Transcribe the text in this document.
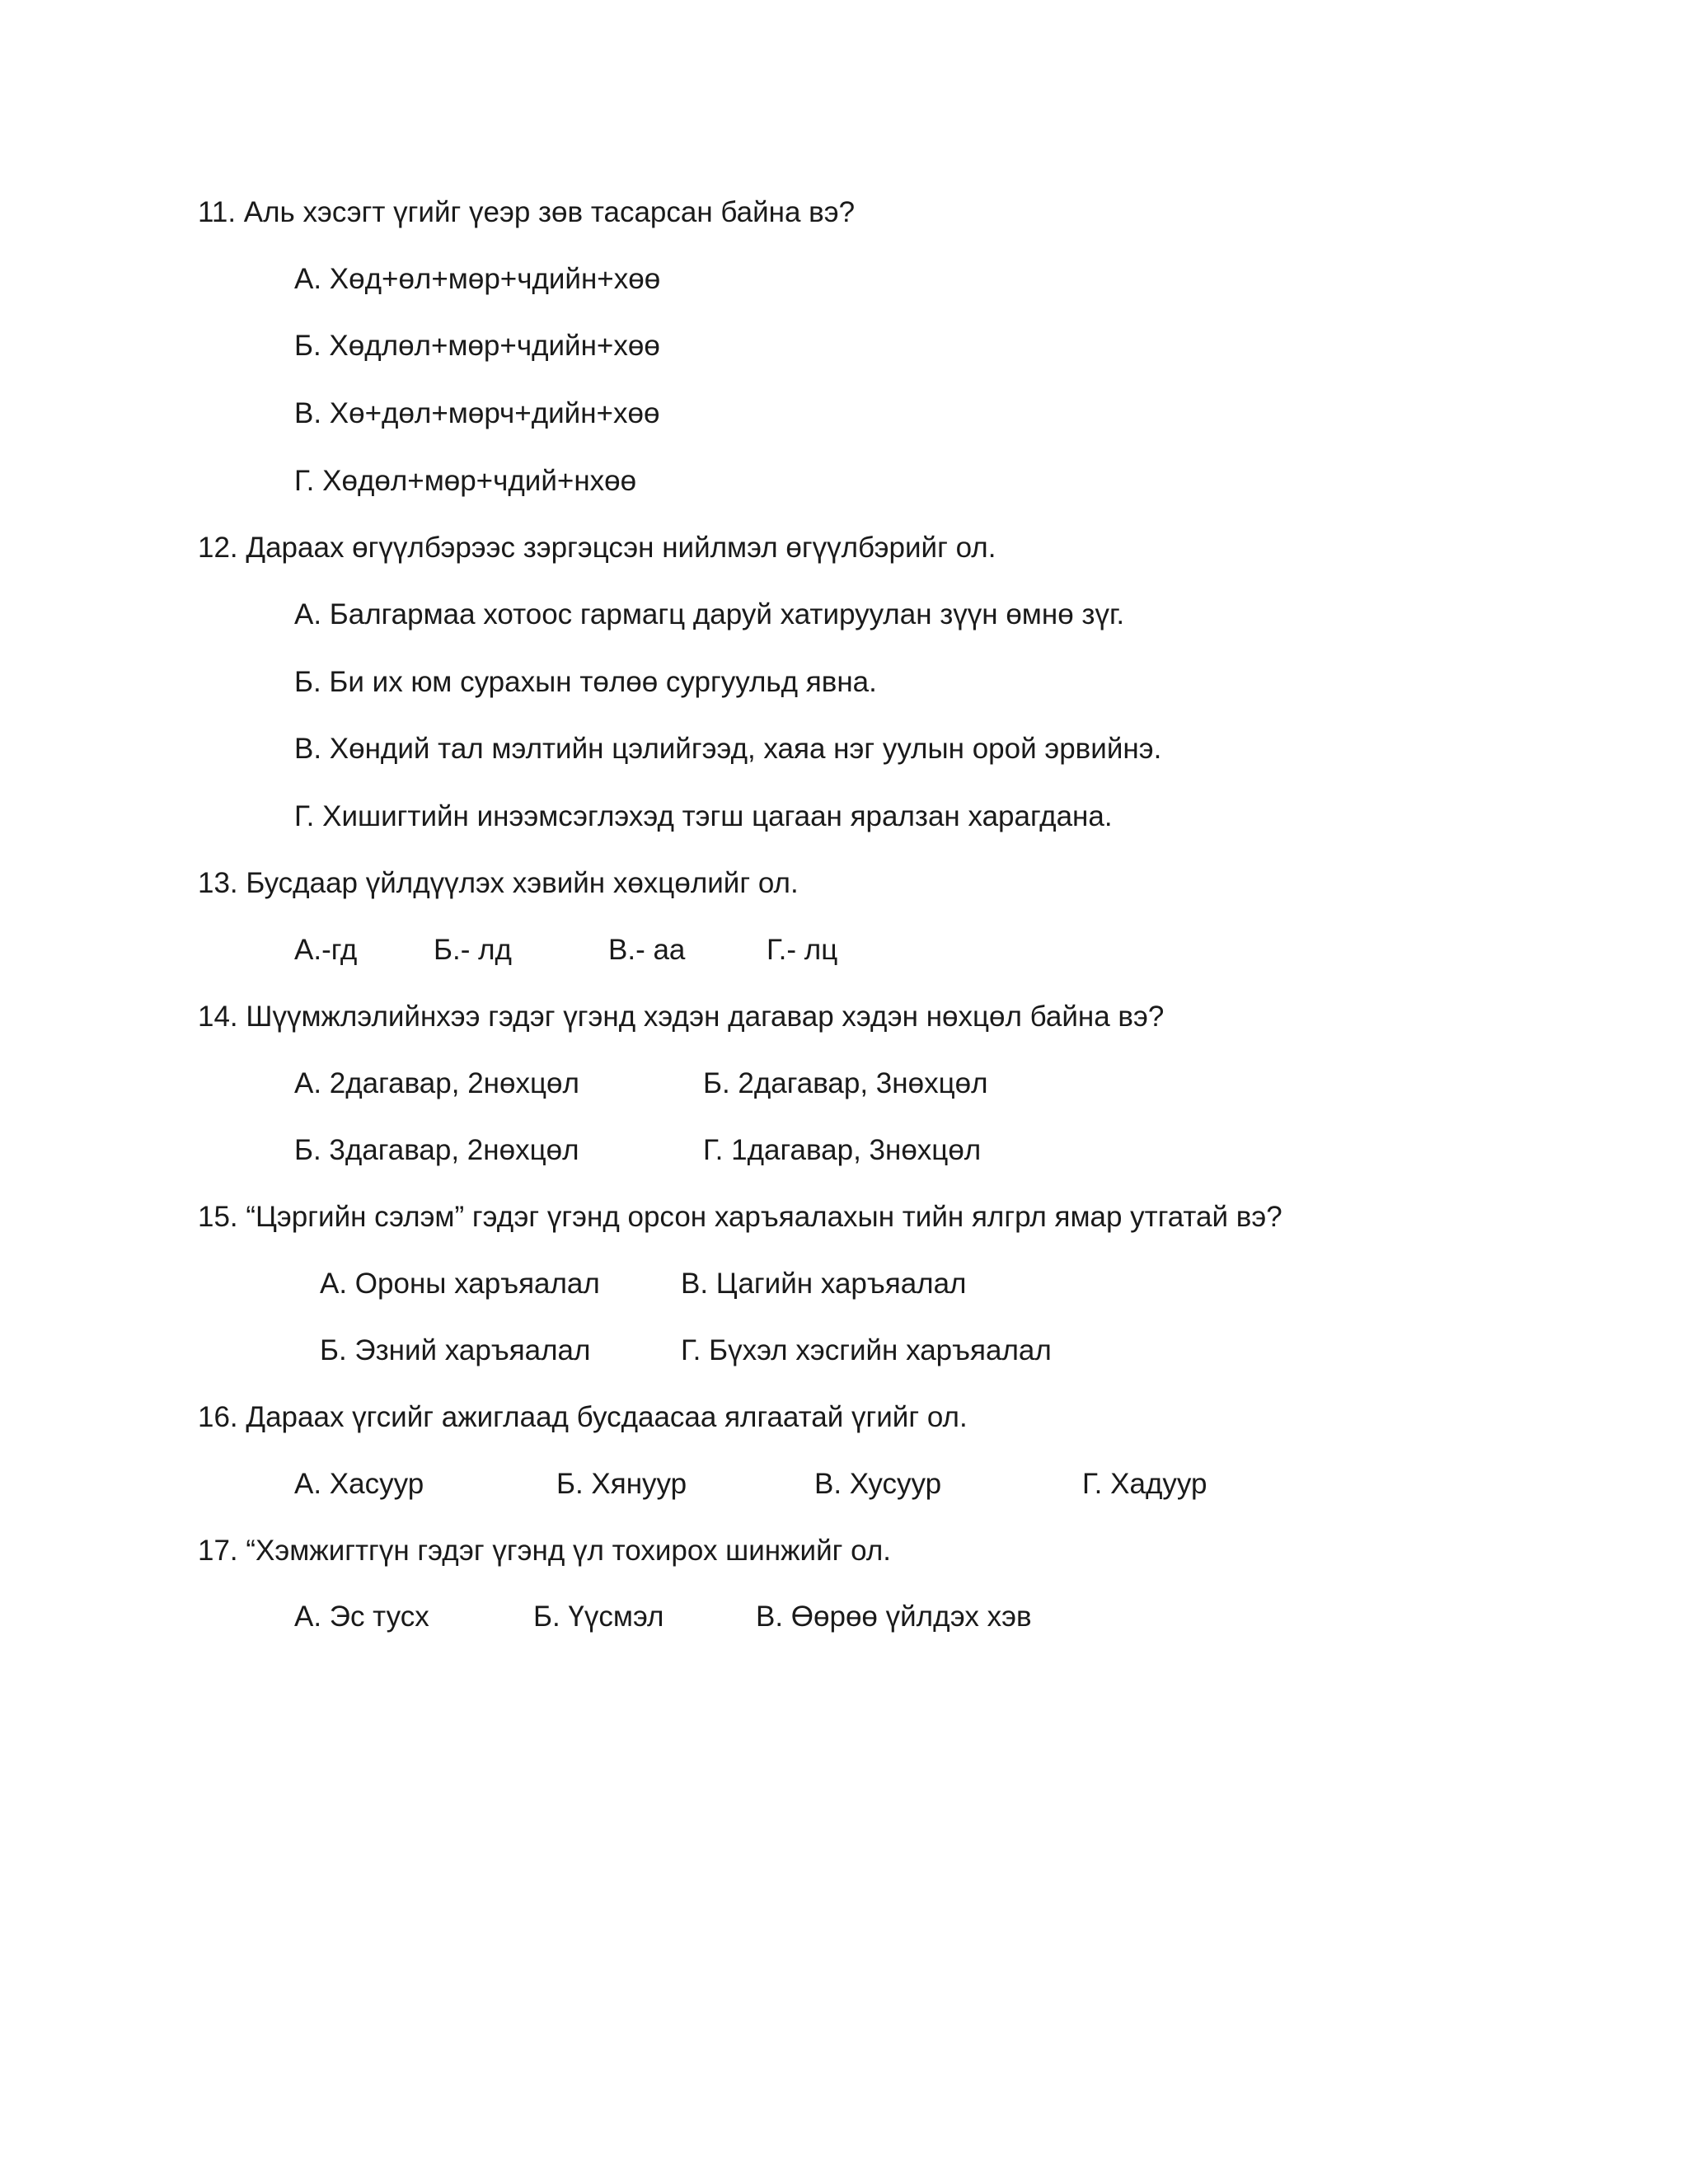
11. Аль хэсэгт үгийг үеэр зөв тасарсан байна вэ?
А. Хөд+өл+мөр+чдийн+хөө
Б. Хөдлөл+мөр+чдийн+хөө
В. Хө+дөл+мөрч+дийн+хөө
Г. Хөдөл+мөр+чдий+нхөө
12. Дараах өгүүлбэрээс зэргэцсэн нийлмэл өгүүлбэрийг ол.
А. Балгармаа хотоос гармагц даруй хатируулан зүүн өмнө зүг.
Б. Би их юм сурахын төлөө сургуульд явна.
В. Хөндий тал мэлтийн цэлийгээд, хаяа нэг уулын орой эрвийнэ.
Г. Хишигтийн инээмсэглэхэд тэгш цагаан яралзан харагдана.
13. Бусдаар үйлдүүлэх хэвийн хөхцөлийг ол.
А.-гд	Б.- лд	В.- аа	Г.- лц
14. Шүүмжлэлийнхээ гэдэг үгэнд хэдэн дагавар хэдэн нөхцөл байна вэ?
А. 2дагавар, 2нөхцөл	Б. 2дагавар, 3нөхцөл
Б. 3дагавар, 2нөхцөл	Г. 1дагавар, 3нөхцөл
15. “Цэргийн сэлэм” гэдэг үгэнд орсон харъяалахын тийн ялгрл ямар утгатай вэ?
А. Ороны харъяалал	В. Цагийн харъяалал
Б. Эзний харъяалал	Г. Бүхэл хэсгийн харъяалал
16. Дараах үгсийг ажиглаад бусдаасаа ялгаатай үгийг ол.
А. Хасуур	Б. Хянуур	В. Хусуур	Г. Хадуур
17. “Хэмжигтгүн гэдэг үгэнд үл тохирох шинжийг ол.
А. Эс тусх	Б. Үүсмэл	В. Өөрөө үйлдэх хэв
